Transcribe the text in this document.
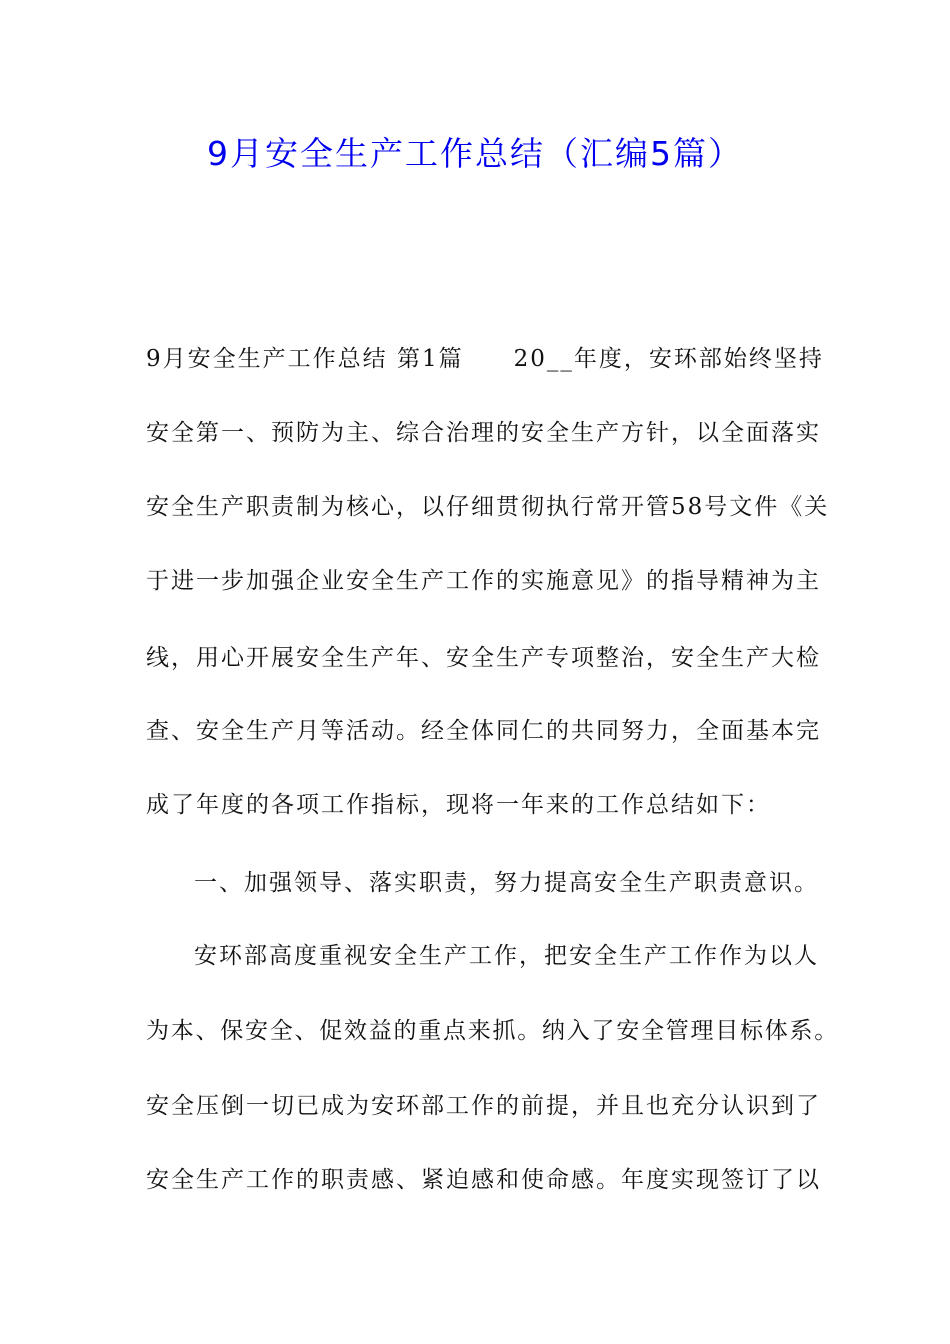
9月安全生产工作总结（汇编5篇）

9月安全生产工作总结 第1篇　　20__年度，安环部始终坚持

安全第一、预防为主、综合治理的安全生产方针，以全面落实

安全生产职责制为核心，以仔细贯彻执行常开管58号文件《关

于进一步加强企业安全生产工作的实施意见》的指导精神为主

线，用心开展安全生产年、安全生产专项整治，安全生产大检

查、安全生产月等活动。经全体同仁的共同努力，全面基本完

成了年度的各项工作指标，现将一年来的工作总结如下：

一、加强领导、落实职责，努力提高安全生产职责意识。

安环部高度重视安全生产工作，把安全生产工作作为以人

为本、保安全、促效益的重点来抓。纳入了安全管理目标体系。

安全压倒一切已成为安环部工作的前提，并且也充分认识到了

安全生产工作的职责感、紧迫感和使命感。年度实现签订了以
